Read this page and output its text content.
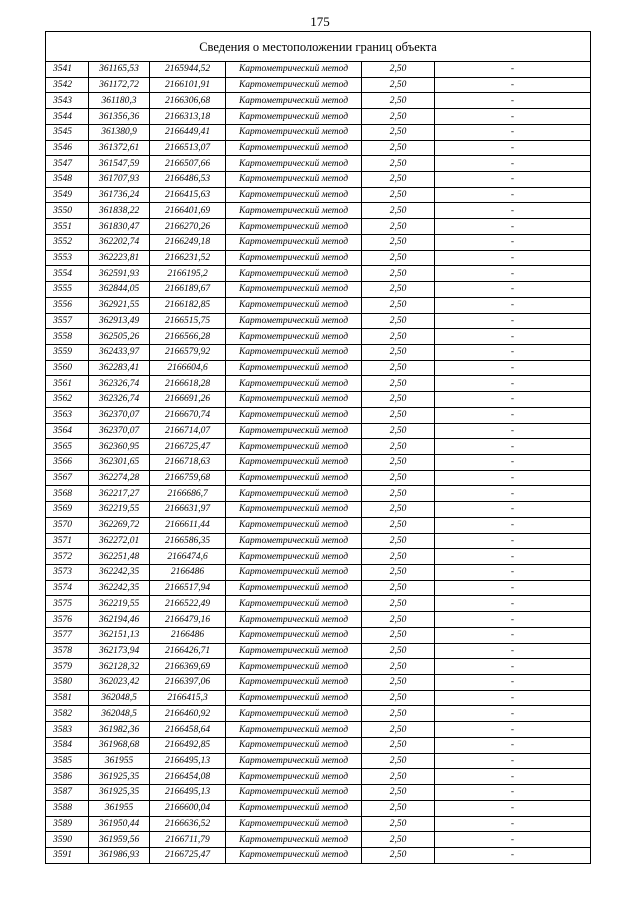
175
Сведения о местоположении границ объекта					
3541	361165,53	2165944,52	Картометрический метод	2,50	-
3542	361172,72	2166101,91	Картометрический метод	2,50	-
3543	361180,3	2166306,68	Картометрический метод	2,50	-
3544	361356,36	2166313,18	Картометрический метод	2,50	-
3545	361380,9	2166449,41	Картометрический метод	2,50	-
3546	361372,61	2166513,07	Картометрический метод	2,50	-
3547	361547,59	2166507,66	Картометрический метод	2,50	-
3548	361707,93	2166486,53	Картометрический метод	2,50	-
3549	361736,24	2166415,63	Картометрический метод	2,50	-
3550	361838,22	2166401,69	Картометрический метод	2,50	-
3551	361830,47	2166270,26	Картометрический метод	2,50	-
3552	362202,74	2166249,18	Картометрический метод	2,50	-
3553	362223,81	2166231,52	Картометрический метод	2,50	-
3554	362591,93	2166195,2	Картометрический метод	2,50	-
3555	362844,05	2166189,67	Картометрический метод	2,50	-
3556	362921,55	2166182,85	Картометрический метод	2,50	-
3557	362913,49	2166515,75	Картометрический метод	2,50	-
3558	362505,26	2166566,28	Картометрический метод	2,50	-
3559	362433,97	2166579,92	Картометрический метод	2,50	-
3560	362283,41	2166604,6	Картометрический метод	2,50	-
3561	362326,74	2166618,28	Картометрический метод	2,50	-
3562	362326,74	2166691,26	Картометрический метод	2,50	-
3563	362370,07	2166670,74	Картометрический метод	2,50	-
3564	362370,07	2166714,07	Картометрический метод	2,50	-
3565	362360,95	2166725,47	Картометрический метод	2,50	-
3566	362301,65	2166718,63	Картометрический метод	2,50	-
3567	362274,28	2166759,68	Картометрический метод	2,50	-
3568	362217,27	2166686,7	Картометрический метод	2,50	-
3569	362219,55	2166631,97	Картометрический метод	2,50	-
3570	362269,72	2166611,44	Картометрический метод	2,50	-
3571	362272,01	2166586,35	Картометрический метод	2,50	-
3572	362251,48	2166474,6	Картометрический метод	2,50	-
3573	362242,35	2166486	Картометрический метод	2,50	-
3574	362242,35	2166517,94	Картометрический метод	2,50	-
3575	362219,55	2166522,49	Картометрический метод	2,50	-
3576	362194,46	2166479,16	Картометрический метод	2,50	-
3577	362151,13	2166486	Картометрический метод	2,50	-
3578	362173,94	2166426,71	Картометрический метод	2,50	-
3579	362128,32	2166369,69	Картометрический метод	2,50	-
3580	362023,42	2166397,06	Картометрический метод	2,50	-
3581	362048,5	2166415,3	Картометрический метод	2,50	-
3582	362048,5	2166460,92	Картометрический метод	2,50	-
3583	361982,36	2166458,64	Картометрический метод	2,50	-
3584	361968,68	2166492,85	Картометрический метод	2,50	-
3585	361955	2166495,13	Картометрический метод	2,50	-
3586	361925,35	2166454,08	Картометрический метод	2,50	-
3587	361925,35	2166495,13	Картометрический метод	2,50	-
3588	361955	2166600,04	Картометрический метод	2,50	-
3589	361950,44	2166636,52	Картометрический метод	2,50	-
3590	361959,56	2166711,79	Картометрический метод	2,50	-
3591	361986,93	2166725,47	Картометрический метод	2,50	-
